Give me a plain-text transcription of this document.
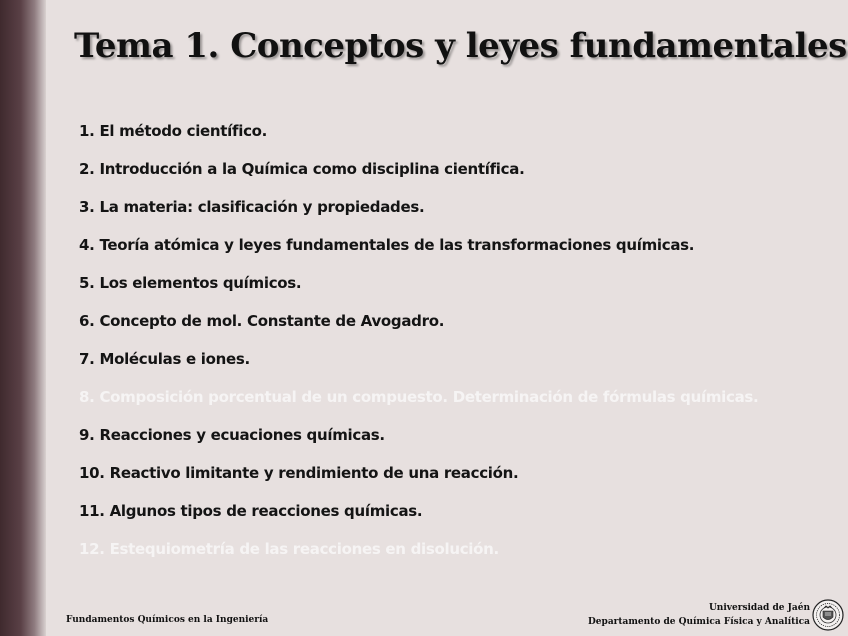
Tema 1. Conceptos y leyes fundamentales
1. El método científico.
2. Introducción a la Química como disciplina científica.
3. La materia: clasificación y propiedades.
4. Teoría atómica y leyes fundamentales de las transformaciones químicas.
5. Los elementos químicos.
6. Concepto de mol. Constante de Avogadro.
7. Moléculas e iones.
8. Composición porcentual de un compuesto. Determinación de fórmulas químicas.
9. Reacciones y ecuaciones químicas.
10. Reactivo limitante y rendimiento de una reacción.
11. Algunos tipos de reacciones químicas.
12. Estequiometría de las reacciones en disolución.
Fundamentos Químicos en la Ingeniería
Universidad de Jaén
Departamento de Química Física y Analítica
